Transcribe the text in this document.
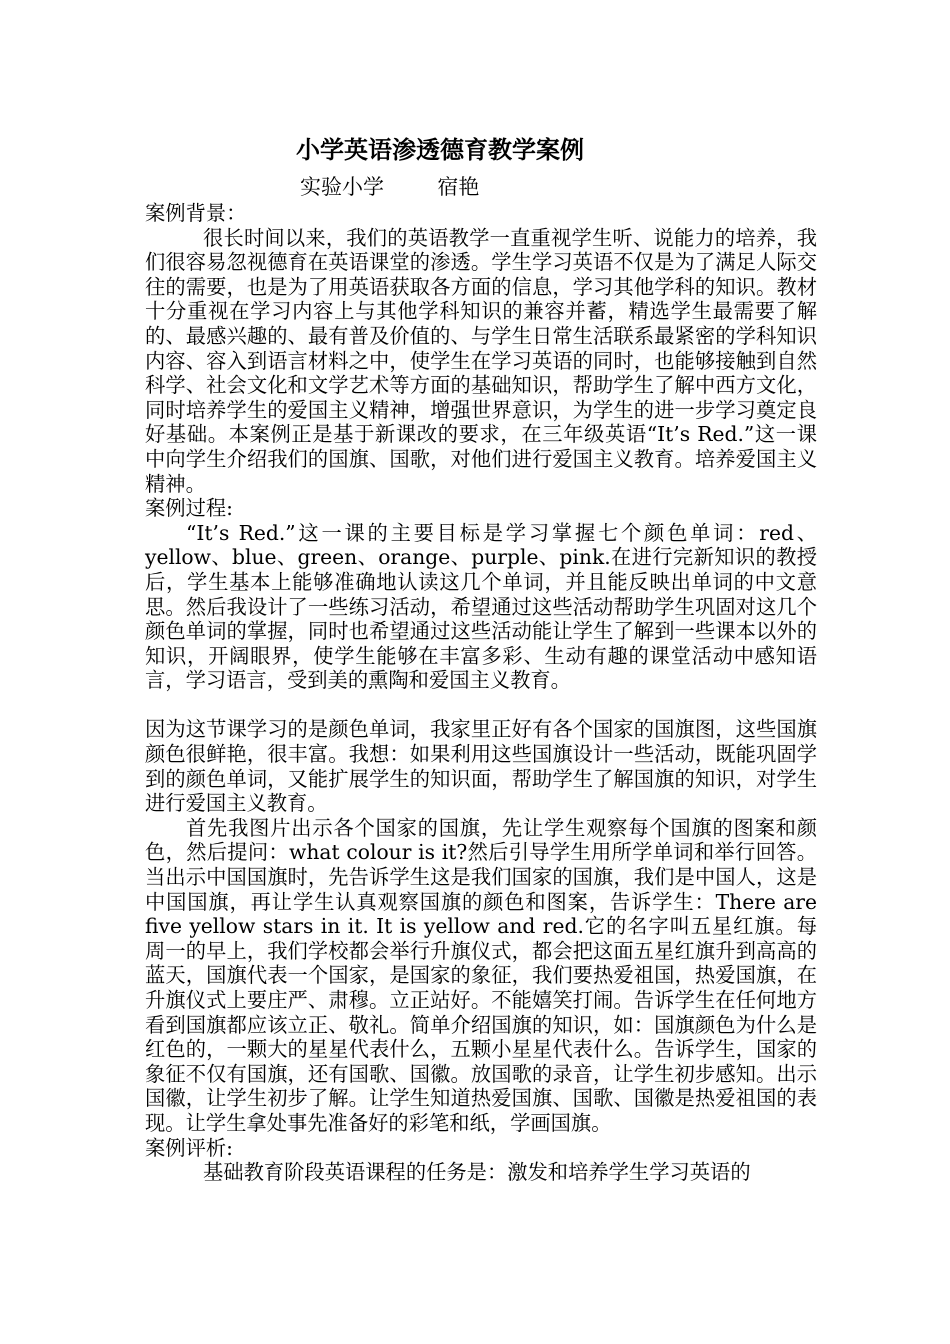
小学英语渗透德育教学案例
实验小学        宿艳

案例背景：

很长时间以来，我们的英语教学一直重视学生听、说能力的培养，我们很容易忽视德育在英语课堂的渗透。学生学习英语不仅是为了满足人际交往的需要，也是为了用英语获取各方面的信息，学习其他学科的知识。教材十分重视在学习内容上与其他学科知识的兼容并蓄，精选学生最需要了解的、最感兴趣的、最有普及价值的、与学生日常生活联系最紧密的学科知识内容、容入到语言材料之中，使学生在学习英语的同时，也能够接触到自然科学、社会文化和文学艺术等方面的基础知识，帮助学生了解中西方文化，同时培养学生的爱国主义精神，增强世界意识，为学生的进一步学习奠定良好基础。本案例正是基于新课改的要求，在三年级英语“It’s Red.”这一课中向学生介绍我们的国旗、国歌，对他们进行爱国主义教育。培养爱国主义精神。

案例过程:

“It’s Red.”这一课的主要目标是学习掌握七个颜色单词：red、yellow、blue、green、orange、purple、pink.在进行完新知识的教授后，学生基本上能够准确地认读这几个单词，并且能反映出单词的中文意思。然后我设计了一些练习活动，希望通过这些活动帮助学生巩固对这几个颜色单词的掌握，同时也希望通过这些活动能让学生了解到一些课本以外的知识，开阔眼界，使学生能够在丰富多彩、生动有趣的课堂活动中感知语言，学习语言，受到美的熏陶和爱国主义教育。

因为这节课学习的是颜色单词，我家里正好有各个国家的国旗图，这些国旗颜色很鲜艳，很丰富。我想：如果利用这些国旗设计一些活动，既能巩固学到的颜色单词，又能扩展学生的知识面，帮助学生了解国旗的知识，对学生进行爱国主义教育。

首先我图片出示各个国家的国旗，先让学生观察每个国旗的图案和颜色，然后提问：what colour is it?然后引导学生用所学单词和举行回答。当出示中国国旗时，先告诉学生这是我们国家的国旗，我们是中国人，这是中国国旗，再让学生认真观察国旗的颜色和图案，告诉学生：There are five yellow stars in it. It is yellow and red.它的名字叫五星红旗。每周一的早上，我们学校都会举行升旗仪式，都会把这面五星红旗升到高高的蓝天，国旗代表一个国家，是国家的象征，我们要热爱祖国，热爱国旗，在升旗仪式上要庄严、肃穆。立正站好。不能嬉笑打闹。告诉学生在任何地方看到国旗都应该立正、敬礼。简单介绍国旗的知识，如：国旗颜色为什么是红色的，一颗大的星星代表什么，五颗小星星代表什么。告诉学生，国家的象征不仅有国旗，还有国歌、国徽。放国歌的录音，让学生初步感知。出示国徽，让学生初步了解。让学生知道热爱国旗、国歌、国徽是热爱祖国的表现。让学生拿处事先准备好的彩笔和纸，学画国旗。

案例评析:

基础教育阶段英语课程的任务是：激发和培养学生学习英语的
